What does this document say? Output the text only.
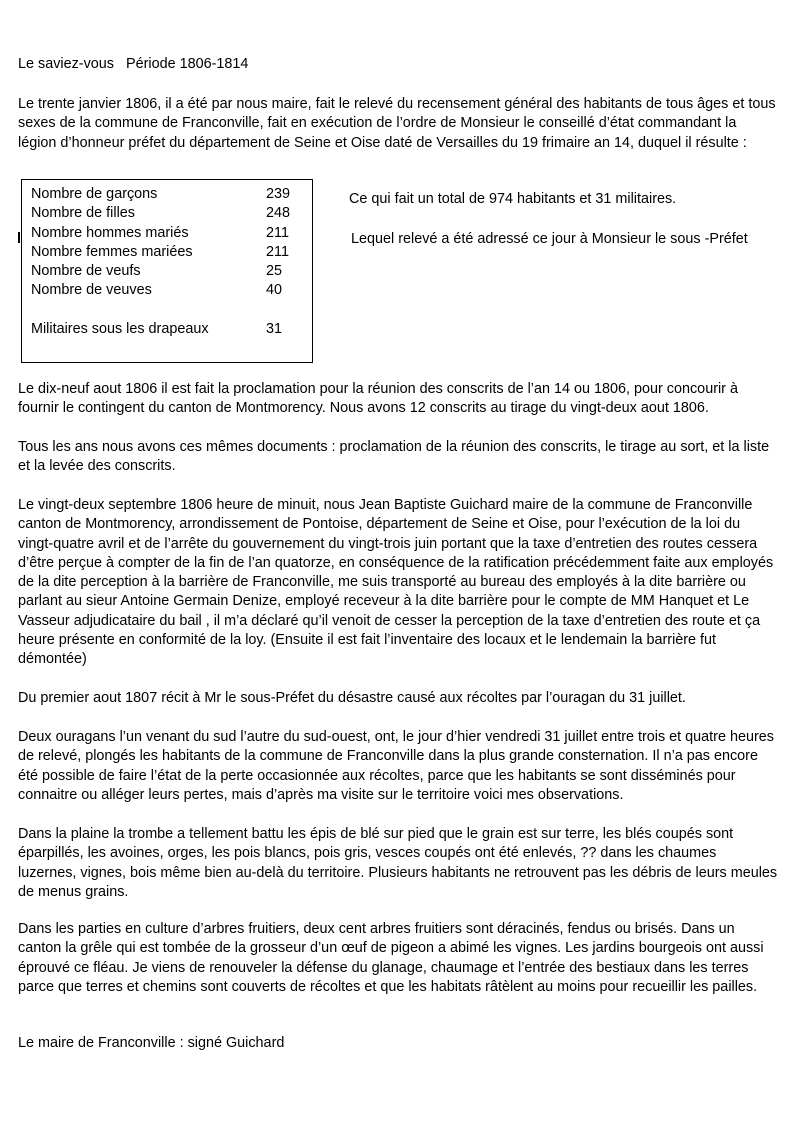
Le saviez-vous Période 1806-1814

Le trente janvier 1806, il a été par nous maire, fait le relevé du recensement général des habitants de tous âges et tous sexes de la commune de Franconville, fait en exécution de l’ordre de Monsieur le conseillé d’état commandant la légion d’honneur préfet du département de Seine et Oise daté de Versailles du 19 frimaire an 14, duquel il résulte :

Nombre de garçons	239
Nombre de filles	248
Nombre hommes mariés	211
Nombre femmes mariées	211
Nombre de veufs	25
Nombre de veuves	40

Militaires sous les drapeaux	31

Ce qui fait un total de 974 habitants et 31 militaires.

Lequel relevé a été adressé ce jour à Monsieur le sous -Préfet

Le dix-neuf aout 1806 il est fait la proclamation pour la réunion des conscrits de l’an 14 ou 1806, pour concourir à fournir le contingent du canton de Montmorency. Nous avons 12 conscrits au tirage du vingt-deux aout 1806.

Tous les ans nous avons ces mêmes documents : proclamation de la réunion des conscrits, le tirage au sort, et la liste et la levée des conscrits.

Le vingt-deux septembre 1806 heure de minuit, nous Jean Baptiste Guichard maire de la commune de Franconville canton de Montmorency, arrondissement de Pontoise, département de Seine et Oise, pour l’exécution de la loi du vingt-quatre avril et de l’arrête du gouvernement du vingt-trois juin portant que la taxe d’entretien des routes cessera d’être perçue à compter de la fin de l’an quatorze, en conséquence de la ratification précédemment faite aux employés de la dite perception à la barrière de Franconville, me suis transporté au bureau des employés à la dite barrière ou parlant au sieur Antoine Germain Denize, employé receveur à la dite barrière pour le compte de MM Hanquet et Le Vasseur adjudicataire du bail , il m’a déclaré qu’il venoit de cesser la perception de la taxe d’entretien des route et ça heure présente en conformité de la loy. (Ensuite il est fait l’inventaire des locaux et le lendemain la barrière fut démontée)

Du premier aout 1807 récit à Mr le sous-Préfet du désastre causé aux récoltes par l’ouragan du 31 juillet.

Deux ouragans l’un venant du sud l’autre du sud-ouest, ont, le jour d’hier vendredi 31 juillet entre trois et quatre heures de relevé, plongés les habitants de la commune de Franconville dans la plus grande consternation. Il n’a pas encore été possible de faire l’état de la perte occasionnée aux récoltes, parce que les habitants se sont disséminés pour connaitre ou alléger leurs pertes, mais d’après ma visite sur le territoire voici mes observations.

Dans la plaine la trombe a tellement battu les épis de blé sur pied que le grain est sur terre, les blés coupés sont éparpillés, les avoines, orges, les pois blancs, pois gris, vesces coupés ont été enlevés, ?? dans les chaumes luzernes, vignes, bois même bien au-delà du territoire. Plusieurs habitants ne retrouvent pas les débris de leurs meules de menus grains.

Dans les parties en culture d’arbres fruitiers, deux cent arbres fruitiers sont déracinés, fendus ou brisés. Dans un canton la grêle qui est tombée de la grosseur d’un œuf de pigeon a abimé les vignes. Les jardins bourgeois ont aussi éprouvé ce fléau. Je viens de renouveler la défense du glanage, chaumage et l’entrée des bestiaux dans les terres parce que terres et chemins sont couverts de récoltes et que les habitats râtèlent au moins pour recueillir les pailles.

Le maire de Franconville : signé Guichard
